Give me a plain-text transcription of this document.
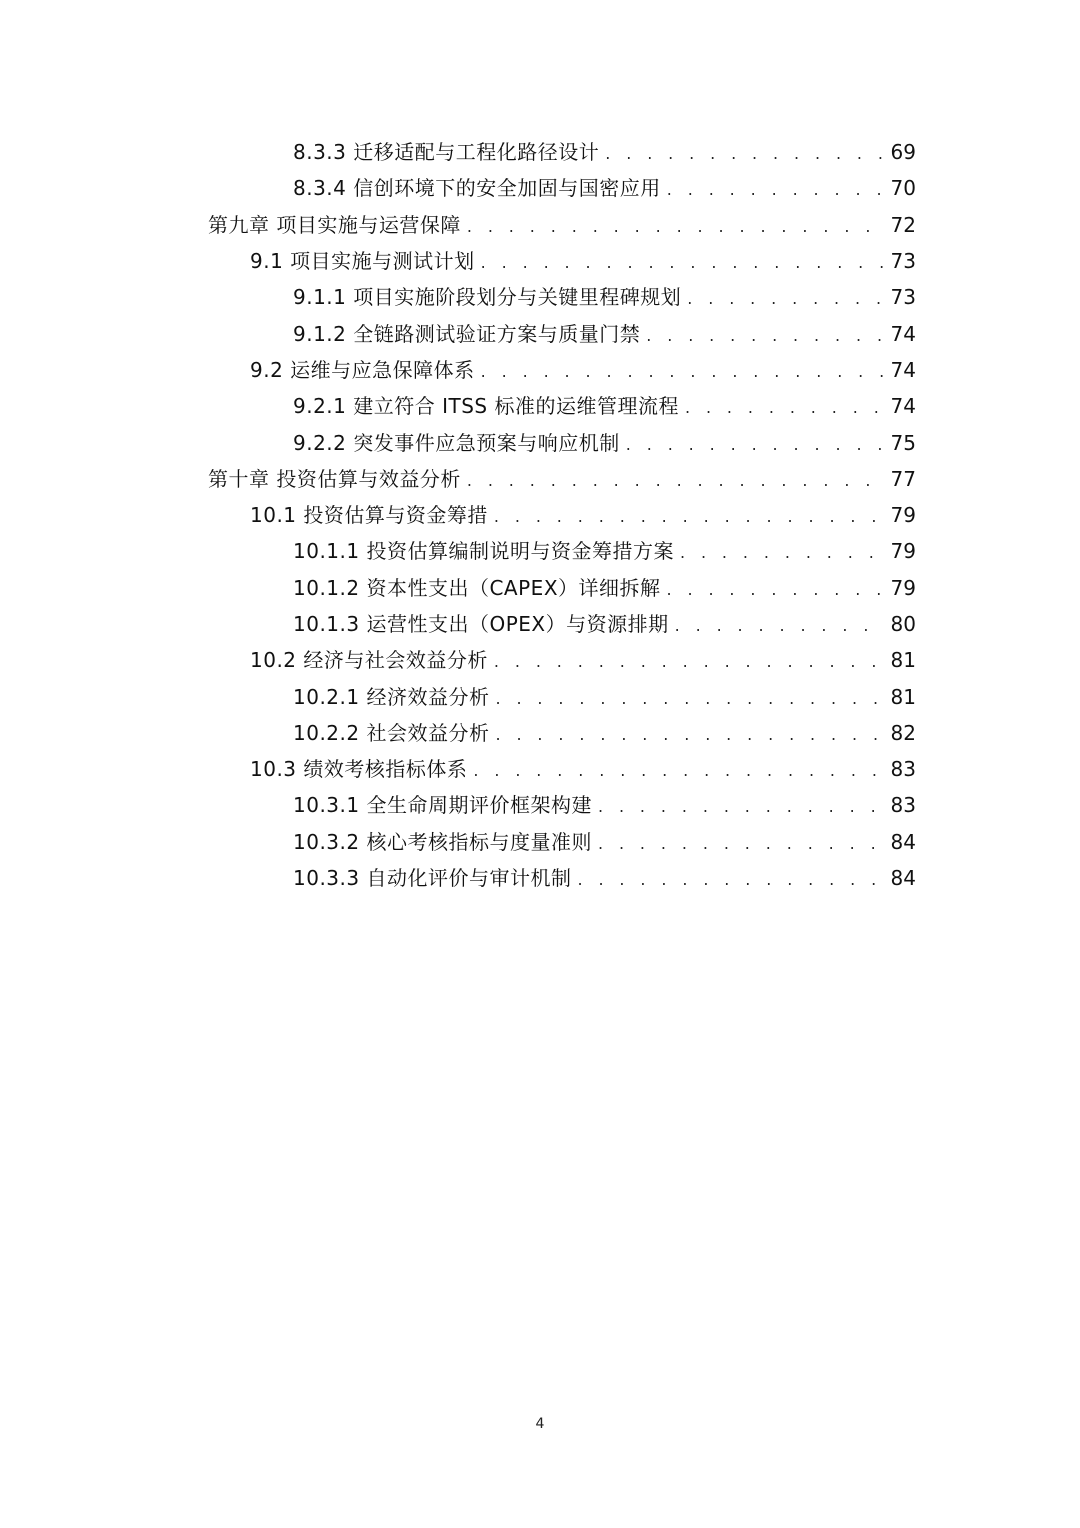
8.3.3 迁移适配与工程化路径设计 . . .	69
8.3.4 信创环境下的安全加固与国密应用 . . .	70
第九章 项目实施与运营保障 . . .	72
9.1 项目实施与测试计划 . . .	73
9.1.1 项目实施阶段划分与关键里程碑规划 . . .	73
9.1.2 全链路测试验证方案与质量门禁 . . .	74
9.2 运维与应急保障体系 . . .	74
9.2.1 建立符合 ITSS 标准的运维管理流程 . . .	74
9.2.2 突发事件应急预案与响应机制 . . .	75
第十章 投资估算与效益分析 . . .	77
10.1 投资估算与资金筹措 . . .	79
10.1.1 投资估算编制说明与资金筹措方案 . . .	79
10.1.2 资本性支出（CAPEX）详细拆解 . . .	79
10.1.3 运营性支出（OPEX）与资源排期 . . .	80
10.2 经济与社会效益分析 . . .	81
10.2.1 经济效益分析 . . .	81
10.2.2 社会效益分析 . . .	82
10.3 绩效考核指标体系 . . .	83
10.3.1 全生命周期评价框架构建 . . .	83
10.3.2 核心考核指标与度量准则 . . .	84
10.3.3 自动化评价与审计机制 . . .	84
4
